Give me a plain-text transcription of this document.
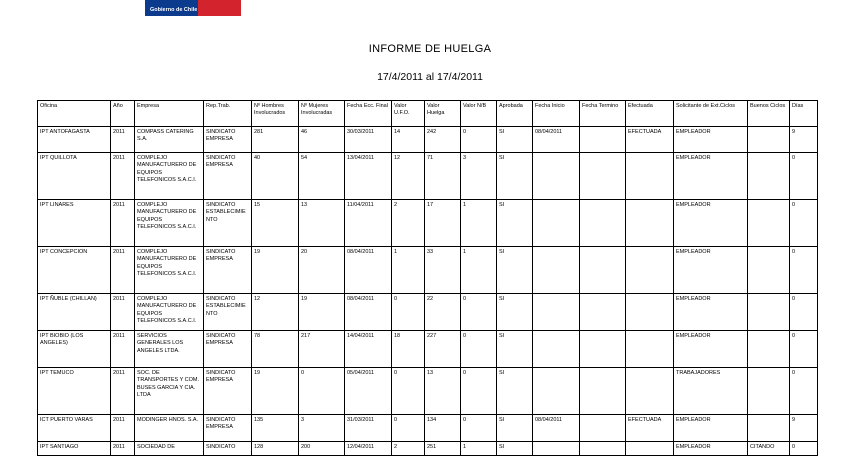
Gobierno de Chile
INFORME DE HUELGA
17/4/2011 al 17/4/2011
Oficina	Año	Empresa	Rep.Trab.	Nº Hombres Involucrados	Nº Mujeres Involucradas	Fecha Ecc. Final	Valor U.F.O.	Valor Huelga	Valor N/B	Aprobada	Fecha Inicio	Fecha Termino	Efectuada	Solicitante de Ext.Ciclos	Buenos Ciclos	Días
IPT ANTOFAGASTA	2011	COMPASS CATERING S.A.	SINDICATO EMPRESA	281	46	30/03/2011	14	242	0	SI	08/04/2011		EFECTUADA	EMPLEADOR		9
IPT QUILLOTA	2011	COMPLEJO MANUFACTURERO DE EQUIPOS TELEFONICOS S.A.C.I.	SINDICATO EMPRESA	40	54	13/04/2011	12	71	3	SI				EMPLEADOR		0
IPT LINARES	2011	COMPLEJO MANUFACTURERO DE EQUIPOS TELEFONICOS S.A.C.I.	SINDICATO ESTABLECIMIENTO	15	13	11/04/2011	2	17	1	SI				EMPLEADOR		0
IPT CONCEPCION	2011	COMPLEJO MANUFACTURERO DE EQUIPOS TELEFONICOS S.A.C.I.	SINDICATO EMPRESA	19	20	08/04/2011	1	33	1	SI				EMPLEADOR		0
IPT ÑUBLE (CHILLAN)	2011	COMPLEJO MANUFACTURERO DE EQUIPOS TELEFONICOS S.A.C.I.	SINDICATO ESTABLECIMIENTO	12	19	08/04/2011	0	22	0	SI				EMPLEADOR		0
IPT BIOBIO (LOS ANGELES)	2011	SERVICIOS GENERALES LOS ANGELES LTDA.	SINDICATO EMPRESA	78	217	14/04/2011	18	227	0	SI				EMPLEADOR		0
IPT TEMUCO	2011	SOC. DE TRANSPORTES Y COM. BUSES GARCIA Y CIA. LTDA	SINDICATO EMPRESA	19	0	05/04/2011	0	13	0	SI				TRABAJADORES		0
ICT PUERTO VARAS	2011	MODINGER HNOS. S.A.	SINDICATO EMPRESA	135	3	31/03/2011	0	134	0	SI	08/04/2011		EFECTUADA	EMPLEADOR		9
IPT SANTIAGO	2011	SOCIEDAD DE	SINDICATO	128	200	12/04/2011	2	251	1	SI				EMPLEADOR	CITANDO	0
